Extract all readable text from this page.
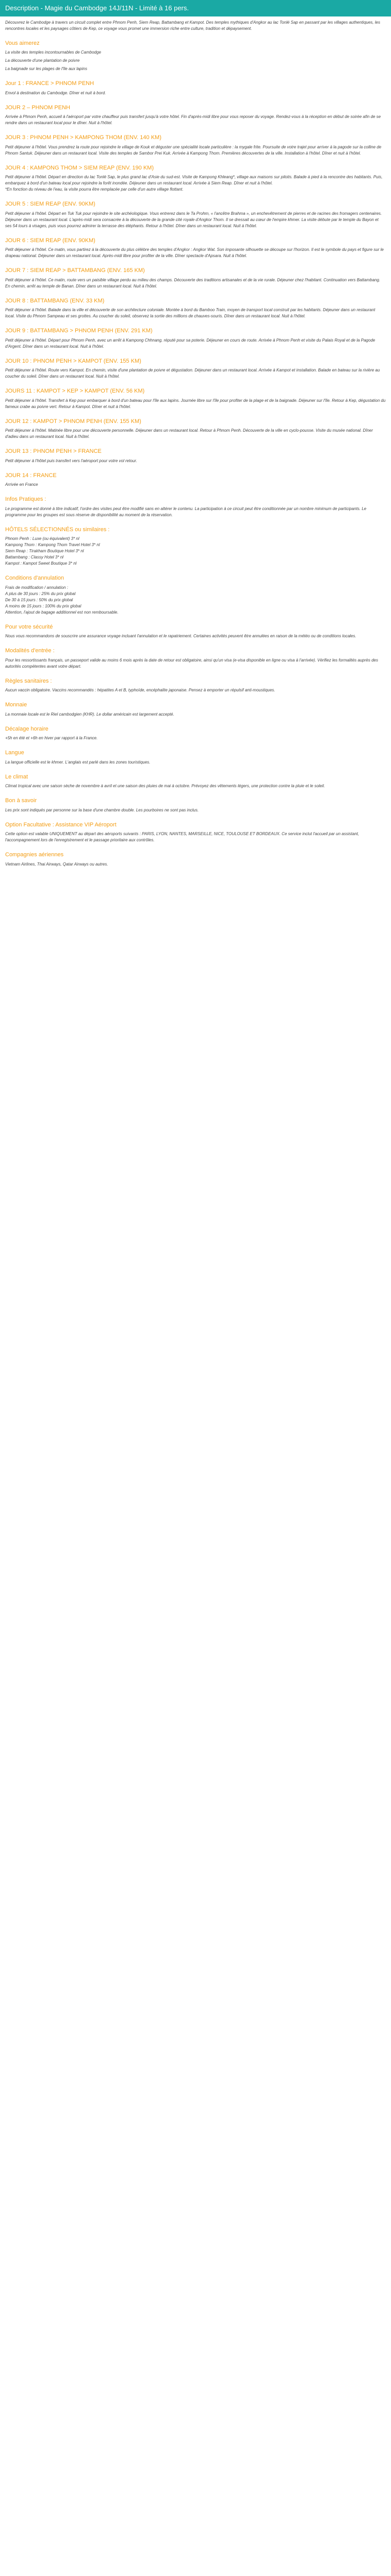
Description - Magie du Cambodge 14J/11N - Limité à 16 pers.

Découvrez le Cambodge à travers un circuit complet entre Phnom Penh, Siem Reap, Battambang et Kampot. Des temples mythiques d'Angkor au lac Tonlé Sap en passant par les villages authentiques, les rencontres locales et les paysages côtiers de Kep, ce voyage vous promet une immersion riche entre culture, tradition et dépaysement.

Vous aimerez

La visite des temples incontournables de Cambodge

La découverte d'une plantation de poivre

La baignade sur les plages de l'île aux lapins

Jour 1 : FRANCE > PHNOM PENH

Envol à destination du Cambodge. Dîner et nuit à bord.

JOUR 2 – PHNOM PENH

Arrivée à Phnom Penh, accueil à l'aéroport par votre chauffeur puis transfert jusqu'à votre hôtel. Fin d'après-midi libre pour vous reposer du voyage. Rendez-vous à la réception en début de soirée afin de se rendre dans un restaurant local pour le dîner. Nuit à l'hôtel.

JOUR 3 : PHNOM PENH > KAMPONG THOM (ENV. 140 KM)

Petit déjeuner à l'hôtel. Vous prendrez la route pour rejoindre le village de Kouk et déguster une spécialité locale particulière : la mygale frite. Poursuite de votre trajet pour arriver à la pagode sur la colline de Phnom Santuk. Déjeuner dans un restaurant local. Visite des temples de Sambor Prei Kuk. Arrivée à Kampong Thom. Premières découvertes de la ville. Installation à l'hôtel. Dîner et nuit à l'hôtel.

JOUR 4 : KAMPONG THOM > SIEM REAP (ENV. 190 KM)

Petit déjeuner à l'hôtel. Départ en direction du lac Tonlé Sap, le plus grand lac d'Asie du sud-est. Visite de Kampong Khleang*, village aux maisons sur pilotis. Balade à pied à la rencontre des habitants. Puis, embarquez à bord d'un bateau local pour rejoindre la forêt inondée. Déjeuner dans un restaurant local. Arrivée à Siem Reap. Dîner et nuit à l'hôtel.
*En fonction du niveau de l'eau, la visite pourra être remplacée par celle d'un autre village flottant.

JOUR 5 : SIEM REAP (ENV. 90KM)

Petit déjeuner à l'hôtel. Départ en Tuk Tuk pour rejoindre le site archéologique. Vous entrerez dans le Ta Prohm, « l'ancêtre Brahma », un enchevêtrement de pierres et de racines des fromagers centenaires. Déjeuner dans un restaurant local. L'après-midi sera consacrée à la découverte de la grande cité royale d'Angkor Thom. Il se dressait au cœur de l'empire khmer. La visite débute par le temple du Bayon et ses 54 tours à visages, puis vous pourrez admirer la terrasse des éléphants. Retour à l'hôtel. Dîner dans un restaurant local. Nuit à l'hôtel.

JOUR 6 : SIEM REAP (ENV. 90KM)

Petit déjeuner à l'hôtel. Ce matin, vous partirez à la découverte du plus célèbre des temples d'Angkor : Angkor Wat. Son imposante silhouette se découpe sur l'horizon. Il est le symbole du pays et figure sur le drapeau national. Déjeuner dans un restaurant local. Après-midi libre pour profiter de la ville. Dîner spectacle d'Apsara. Nuit à l'hôtel.

JOUR 7 : SIEM REAP > BATTAMBANG (ENV. 165 KM)

Petit déjeuner à l'hôtel. Ce matin, route vers un paisible village perdu au milieu des champs. Découverte des traditions artisanales et de la vie rurale. Déjeuner chez l'habitant. Continuation vers Battambang. En chemin, arrêt au temple de Banan. Dîner dans un restaurant local. Nuit à l'hôtel.

JOUR 8 : BATTAMBANG (ENV. 33 KM)

Petit déjeuner à l'hôtel. Balade dans la ville et découverte de son architecture coloniale. Montée à bord du Bamboo Train, moyen de transport local construit par les habitants. Déjeuner dans un restaurant local. Visite du Phnom Sampeau et ses grottes. Au coucher du soleil, observez la sortie des millions de chauves-souris. Dîner dans un restaurant local. Nuit à l'hôtel.

JOUR 9 : BATTAMBANG > PHNOM PENH (ENV. 291 KM)

Petit déjeuner à l'hôtel. Départ pour Phnom Penh, avec un arrêt à Kampong Chhnang, réputé pour sa poterie. Déjeuner en cours de route. Arrivée à Phnom Penh et visite du Palais Royal et de la Pagode d'Argent. Dîner dans un restaurant local. Nuit à l'hôtel.

JOUR 10 : PHNOM PENH > KAMPOT (ENV. 155 KM)

Petit déjeuner à l'hôtel. Route vers Kampot. En chemin, visite d'une plantation de poivre et dégustation. Déjeuner dans un restaurant local. Arrivée à Kampot et installation. Balade en bateau sur la rivière au coucher du soleil. Dîner dans un restaurant local. Nuit à l'hôtel.

JOURS 11 : KAMPOT > KEP > KAMPOT (ENV. 56 KM)

Petit déjeuner à l'hôtel. Transfert à Kep pour embarquer à bord d'un bateau pour l'île aux lapins. Journée libre sur l'île pour profiter de la plage et de la baignade. Déjeuner sur l'île. Retour à Kep, dégustation du fameux crabe au poivre vert. Retour à Kampot. Dîner et nuit à l'hôtel.

JOUR 12 : KAMPOT > PHNOM PENH (ENV. 155 KM)

Petit déjeuner à l'hôtel. Matinée libre pour une découverte personnelle. Déjeuner dans un restaurant local. Retour à Phnom Penh. Découverte de la ville en cyclo-pousse. Visite du musée national. Dîner d'adieu dans un restaurant local. Nuit à l'hôtel.

JOUR 13 : PHNOM PENH > FRANCE

Petit déjeuner à l'hôtel puis transfert vers l'aéroport pour votre vol retour.

JOUR 14 : FRANCE

Arrivée en France

Infos Pratiques :

Le programme est donné à titre indicatif, l'ordre des visites peut être modifié sans en altérer le contenu. La participation à ce circuit peut être conditionnée par un nombre minimum de participants. Le programme pour les groupes est sous réserve de disponibilité au moment de la réservation.

HÔTELS SÉLECTIONNÉS ou similaires :

Phnom Penh : Luxe (ou équivalent) 3* nl
Kampong Thom : Kampong Thom Travel Hotel 3* nl
Siem Reap : Tirakham Boutique Hotel 3* nl
Battambang : Classy Hotel 3* nl
Kampot : Kampot Sweet Boutique 3* nl

Conditions d'annulation

Frais de modification / annulation :
A plus de 30 jours : 25% du prix global
De 30 à 15 jours : 50% du prix global
A moins de 15 jours : 100% du prix global
Attention, l'ajout de bagage additionnel est non remboursable.

Pour votre sécurité

Nous vous recommandons de souscrire une assurance voyage incluant l'annulation et le rapatriement. Certaines activités peuvent être annulées en raison de la météo ou de conditions locales.

Modalités d'entrée :

Pour les ressortissants français, un passeport valide au moins 6 mois après la date de retour est obligatoire, ainsi qu'un visa (e-visa disponible en ligne ou visa à l'arrivée). Vérifiez les formalités auprès des autorités compétentes avant votre départ.

Règles sanitaires :

Aucun vaccin obligatoire. Vaccins recommandés : hépatites A et B, typhoïde, encéphalite japonaise. Pensez à emporter un répulsif anti-moustiques.

Monnaie

La monnaie locale est le Riel cambodgien (KHR). Le dollar américain est largement accepté.

Décalage horaire

+5h en été et +6h en hiver par rapport à la France.

Langue

La langue officielle est le khmer. L'anglais est parlé dans les zones touristiques.

Le climat

Climat tropical avec une saison sèche de novembre à avril et une saison des pluies de mai à octobre. Prévoyez des vêtements légers, une protection contre la pluie et le soleil.

Bon à savoir

Les prix sont indiqués par personne sur la base d'une chambre double. Les pourboires ne sont pas inclus.

Option Facultative : Assistance VIP Aéroport

Cette option est valable UNIQUEMENT au départ des aéroports suivants : PARIS, LYON, NANTES, MARSEILLE, NICE, TOULOUSE ET BORDEAUX. Ce service inclut l'accueil par un assistant, l'accompagnement lors de l'enregistrement et le passage prioritaire aux contrôles.

Compagnies aériennes

Vietnam Airlines, Thai Airways, Qatar Airways ou autres.
